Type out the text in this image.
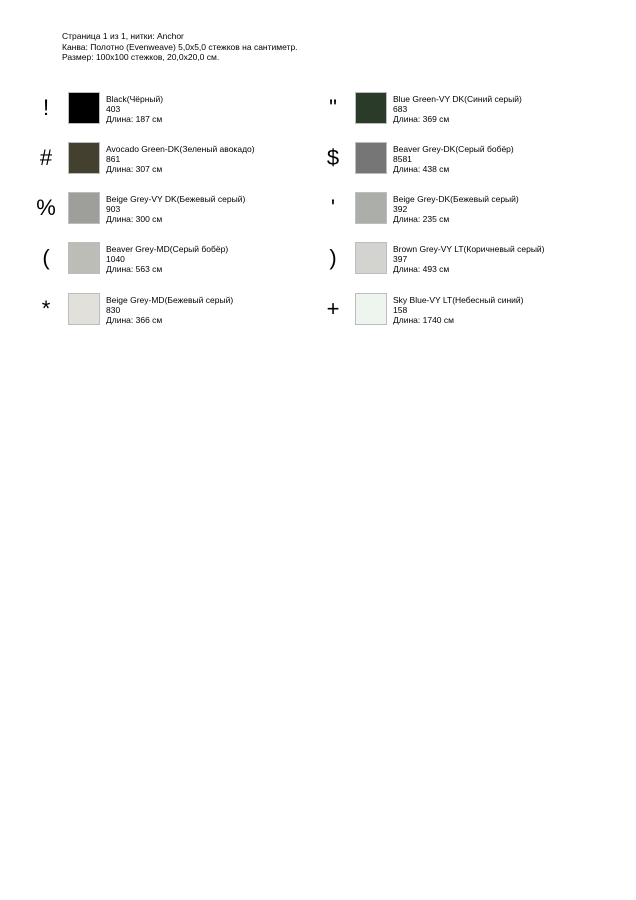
Страница 1 из 1, нитки: Anchor
Канва: Полотно (Evenweave) 5,0x5,0 стежков на сантиметр.
Размер: 100x100 стежков, 20,0x20,0 см.
!	Black(Чёрный)
403
Длина: 187 см	"	Blue Green-VY DK(Синий серый)
683
Длина: 369 см
#	Avocado Green-DK(Зеленый авокадо)
861
Длина: 307 см	$	Beaver Grey-DK(Серый бобёр)
8581
Длина: 438 см
%	Beige Grey-VY DK(Бежевый серый)
903
Длина: 300 см	'	Beige Grey-DK(Бежевый серый)
392
Длина: 235 см
(	Beaver Grey-MD(Серый бобёр)
1040
Длина: 563 см	)	Brown Grey-VY LT(Коричневый серый)
397
Длина: 493 см
*	Beige Grey-MD(Бежевый серый)
830
Длина: 366 см	+	Sky Blue-VY LT(Небесный синий)
158
Длина: 1740 см
